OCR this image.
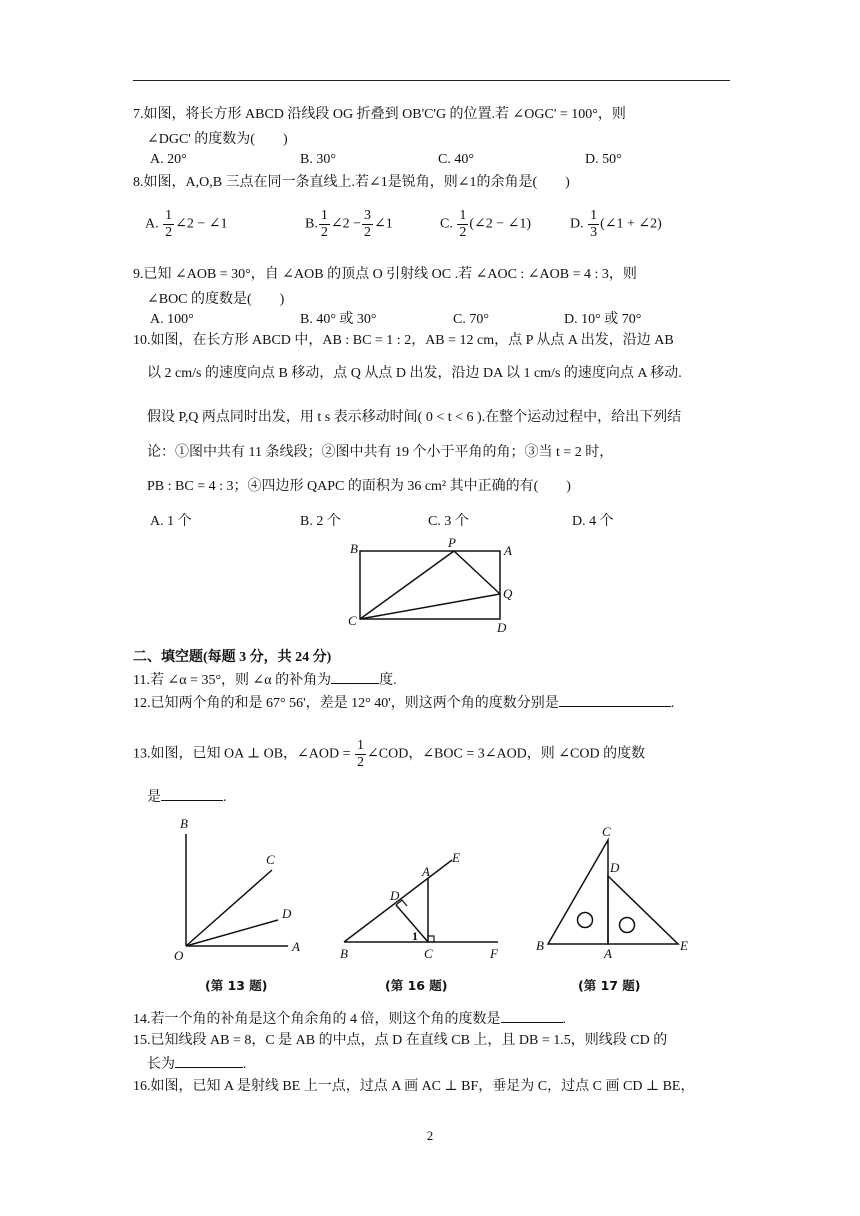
7.如图，将长方形 ABCD 沿线段 OG 折叠到 OB'C'G 的位置.若 ∠OGC' = 100°，则
∠DGC' 的度数为(　　)
A. 20°	B. 30°	C. 40°	D. 50°
8.如图，A,O,B 三点在同一条直线上.若∠1是锐角，则∠1的余角是(　　)
A. $\frac{1}{2}$ ∠2 − ∠1	B. $\frac{1}{2}$ ∠2 − $\frac{3}{2}$ ∠1	C. $\frac{1}{2}$ (∠2 − ∠1)	D. $\frac{1}{3}$ (∠1 + ∠2)
9.已知 ∠AOB = 30°，自 ∠AOB 的顶点 O 引射线 OC .若 ∠AOC : ∠AOB = 4 : 3，则
∠BOC 的度数是(　　)
A. 100°	B. 40° 或 30°	C. 70°	D. 10° 或 70°
10.如图，在长方形 ABCD 中，AB : BC = 1 : 2，AB = 12 cm，点 P 从点 A 出发，沿边 AB
以 2 cm/s 的速度向点 B 移动，点 Q 从点 D 出发，沿边 DA 以 1 cm/s 的速度向点 A 移动.
假设 P,Q 两点同时出发，用 t s 表示移动时间( 0 < t < 6 ).在整个运动过程中，给出下列结
论：①图中共有 11 条线段；②图中共有 19 个小于平角的角；③当 t = 2 时，
PB : BC = 4 : 3；④四边形 QAPC 的面积为 36 cm² 其中正确的有(　　)
A. 1 个	B. 2 个	C. 3 个	D. 4 个
B	P
A
Q
C	D
二、填空题(每题 3 分，共 24 分)
11.若 ∠α = 35°，则 ∠α 的补角为	度.
12.已知两个角的和是 67° 56'，差是 12° 40'，则这两个角的度数分别是	.
13.如图，已知 OA ⊥ OB，∠AOD = $\frac{1}{2}$ ∠COD，∠BOC = 3∠AOD，则 ∠COD 的度数
是	.
B
C
D
O
A
(第 13 题)
E
A
D
1
B	C	F
(第 16 题)
C
D
B
A
E
(第 17 题)
14.若一个角的补角是这个角余角的 4 倍，则这个角的度数是	.
15.已知线段 AB = 8，C 是 AB 的中点，点 D 在直线 CB 上，且 DB = 1.5，则线段 CD 的
长为	.
16.如图，已知 A 是射线 BE 上一点，过点 A 画 AC ⊥ BF，垂足为 C，过点 C 画 CD ⊥ BE，
2
